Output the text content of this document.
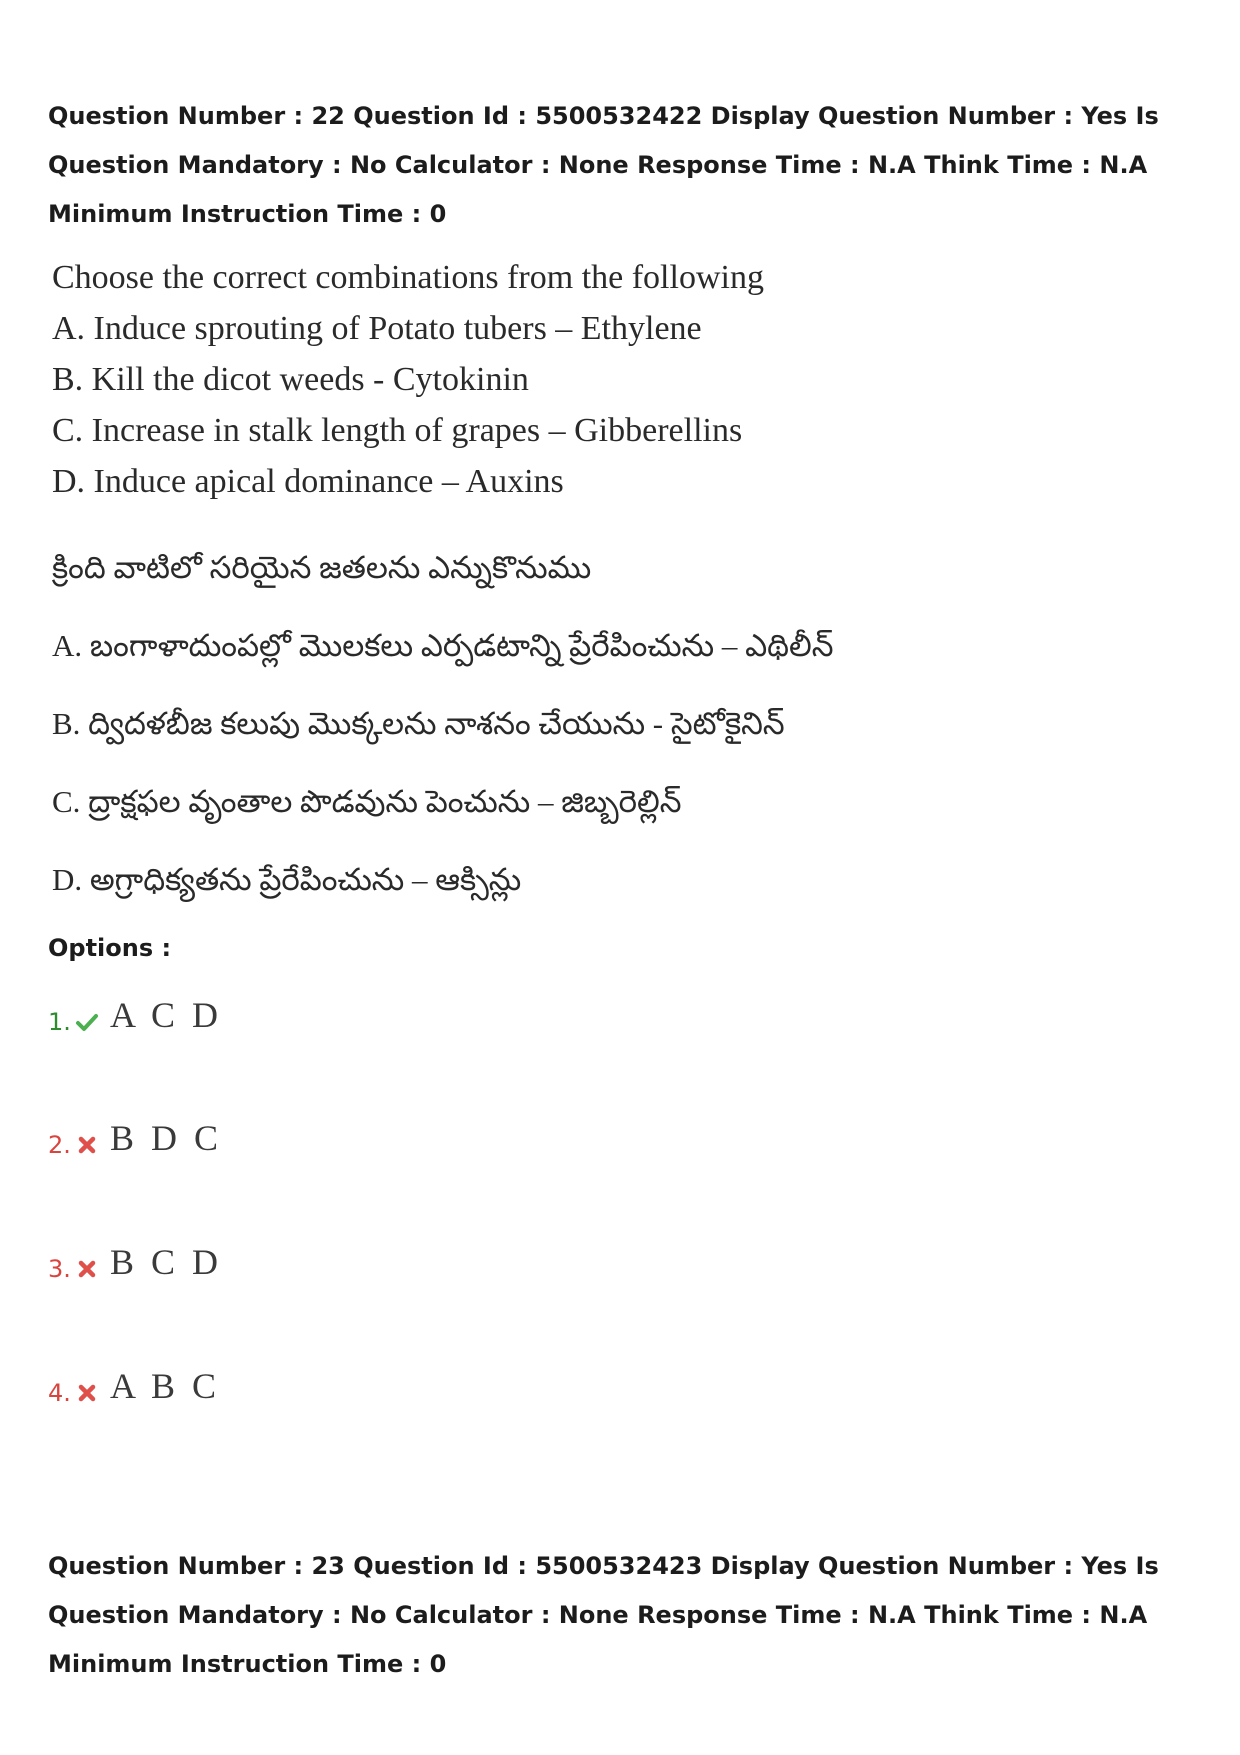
Question Number : 22 Question Id : 5500532422 Display Question Number : Yes Is Question Mandatory : No Calculator : None Response Time : N.A Think Time : N.A Minimum Instruction Time : 0

Choose the correct combinations from the following
A. Induce sprouting of Potato tubers – Ethylene
B. Kill the dicot weeds - Cytokinin
C. Increase in stalk length of grapes – Gibberellins
D. Induce apical dominance – Auxins
క్రింది వాటిలో సరియైన జతలను ఎన్నుకొనుము
A. బంగాళాదుంపల్లో మొలకలు ఎర్పడటాన్ని ప్రేరేపించును – ఎథిలీన్
B. ద్విదళబీజ కలుపు మొక్కలను నాశనం చేయును - సైటోకైనిన్
C. ద్రాక్షఫల వృంతాల పొడవును పెంచును – జిబ్బరెల్లిన్
D. అగ్రాధిక్యతను ప్రేరేపించును – ఆక్సిన్లు
Options :
1. A C D
2. B D C
3. B C D
4. A B C

Question Number : 23 Question Id : 5500532423 Display Question Number : Yes Is Question Mandatory : No Calculator : None Response Time : N.A Think Time : N.A Minimum Instruction Time : 0
